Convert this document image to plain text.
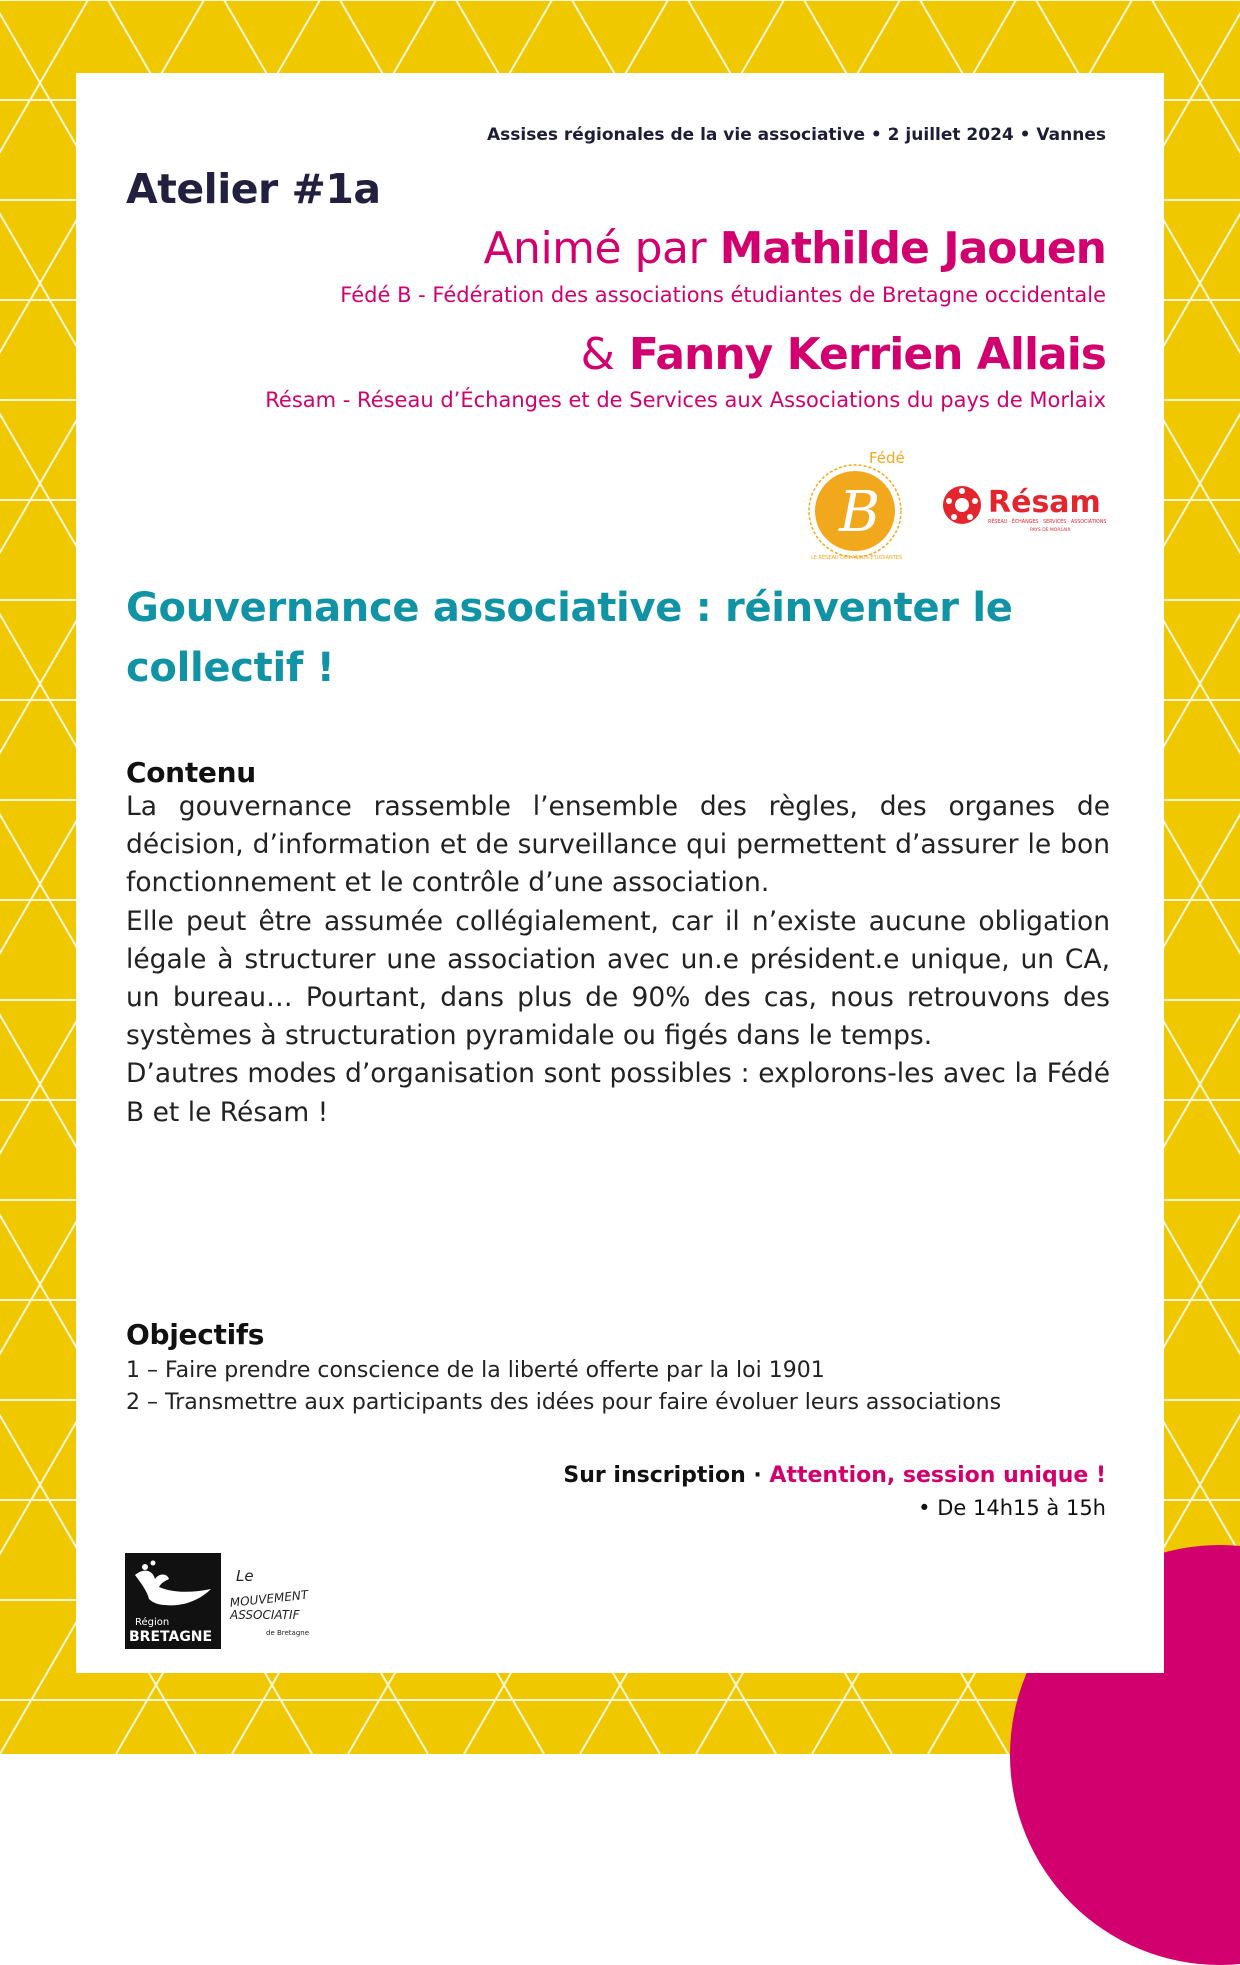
Assises régionales de la vie associative • 2 juillet 2024 • Vannes
Atelier #1a
Animé par Mathilde Jaouen
Fédé B - Fédération des associations étudiantes de Bretagne occidentale
& Fanny Kerrien Allais
Résam - Réseau d’Échanges et de Services aux Associations du pays de Morlaix
Fédé
B
LE RÉSEAU DES ASSOS ÉTUDIANTES
Résam
RÉSEAU · ÉCHANGES · SERVICES · ASSOCIATIONS
PAYS DE MORLAIX
Gouvernance associative : réinventer le collectif !
Contenu

La gouvernance rassemble l’ensemble des règles, des organes de décision, d’information et de surveillance qui permettent d’assurer le bon fonctionnement et le contrôle d’une association.

Elle peut être assumée collégialement, car il n’existe aucune obligation légale à structurer une association avec un.e président.e unique, un CA, un bureau… Pourtant, dans plus de 90% des cas, nous retrouvons des systèmes à structuration pyramidale ou figés dans le temps.

D’autres modes d’organisation sont possibles : explorons-les avec la Fédé B et le Résam !

Objectifs
1 – Faire prendre conscience de la liberté offerte par la loi 1901
2 – Transmettre aux participants des idées pour faire évoluer leurs associations
Sur inscription · Attention, session unique !
• De 14h15 à 15h
Région
BRETAGNE
Le
MOUVEMENT
ASSOCIATIF
de Bretagne
